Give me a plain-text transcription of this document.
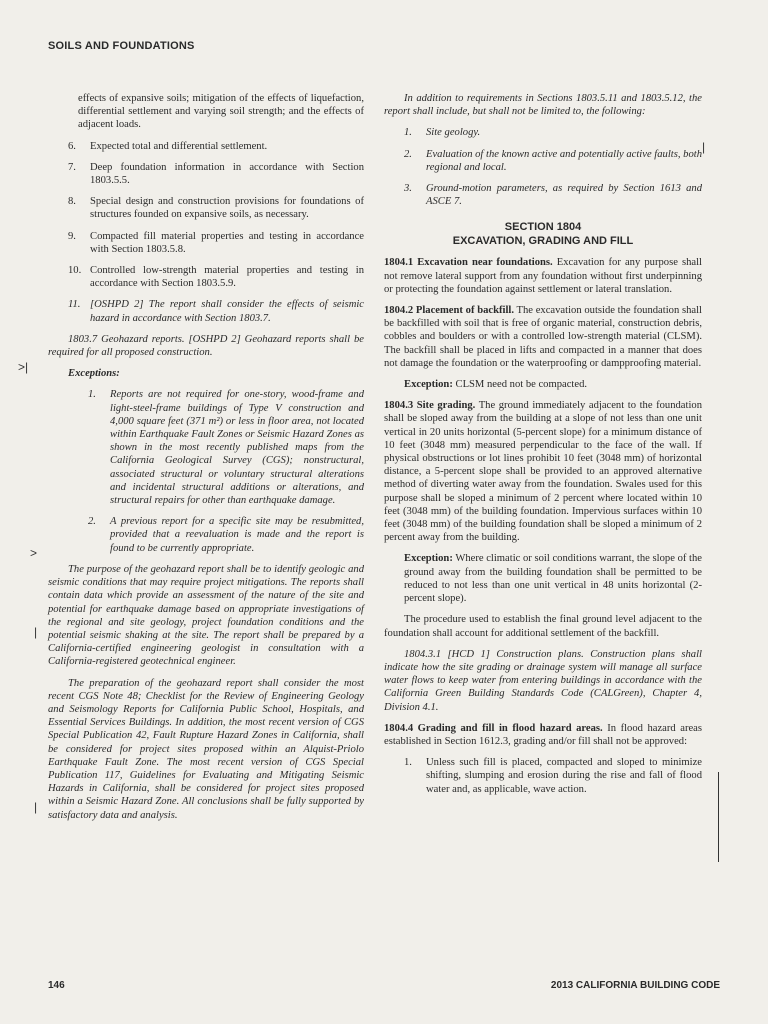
SOILS AND FOUNDATIONS

effects of expansive soils; mitigation of the effects of liquefaction, differential settlement and varying soil strength; and the effects of adjacent loads.

6.	Expected total and differential settlement.
7.	Deep foundation information in accordance with Section 1803.5.5.
8.	Special design and construction provisions for foundations of structures founded on expansive soils, as necessary.
9.	Compacted fill material properties and testing in accordance with Section 1803.5.8.
10. Controlled low-strength material properties and testing in accordance with Section 1803.5.9.
11. [OSHPD 2] The report shall consider the effects of seismic hazard in accordance with Section 1803.7.

1803.7 Geohazard reports. [OSHPD 2] Geohazard reports shall be required for all proposed construction.

Exceptions:
1.	Reports are not required for one-story, wood-frame and light-steel-frame buildings of Type V construction and 4,000 square feet (371 m²) or less in floor area, not located within Earthquake Fault Zones or Seismic Hazard Zones as shown in the most recently published maps from the California Geological Survey (CGS); nonstructural, associated structural or voluntary structural alterations and incidental structural additions or alterations, and structural repairs for other than earthquake damage.
2.	A previous report for a specific site may be resubmitted, provided that a reevaluation is made and the report is found to be currently appropriate.

The purpose of the geohazard report shall be to identify geologic and seismic conditions that may require project mitigations. The reports shall contain data which provide an assessment of the nature of the site and potential for earthquake damage based on appropriate investigations of the regional and site geology, project foundation conditions and the potential seismic shaking at the site. The report shall be prepared by a California-certified engineering geologist in consultation with a California-registered geotechnical engineer.

The preparation of the geohazard report shall consider the most recent CGS Note 48; Checklist for the Review of Engineering Geology and Seismology Reports for California Public School, Hospitals, and Essential Services Buildings. In addition, the most recent version of CGS Special Publication 42, Fault Rupture Hazard Zones in California, shall be considered for project sites proposed within an Alquist-Priolo Earthquake Fault Zone. The most recent version of CGS Special Publication 117, Guidelines for Evaluating and Mitigating Seismic Hazards in California, shall be considered for project sites proposed within a Seismic Hazard Zone. All conclusions shall be fully supported by satisfactory data and analysis.

In addition to requirements in Sections 1803.5.11 and 1803.5.12, the report shall include, but shall not be limited to, the following:

1.	Site geology.
2.	Evaluation of the known active and potentially active faults, both regional and local.
3.	Ground-motion parameters, as required by Section 1613 and ASCE 7.
SECTION 1804
EXCAVATION, GRADING AND FILL

1804.1 Excavation near foundations. Excavation for any purpose shall not remove lateral support from any foundation without first underpinning or protecting the foundation against settlement or lateral translation.

1804.2 Placement of backfill. The excavation outside the foundation shall be backfilled with soil that is free of organic material, construction debris, cobbles and boulders or with a controlled low-strength material (CLSM). The backfill shall be placed in lifts and compacted in a manner that does not damage the foundation or the waterproofing or dampproofing material.

Exception: CLSM need not be compacted.

1804.3 Site grading. The ground immediately adjacent to the foundation shall be sloped away from the building at a slope of not less than one unit vertical in 20 units horizontal (5-percent slope) for a minimum distance of 10 feet (3048 mm) measured perpendicular to the face of the wall. If physical obstructions or lot lines prohibit 10 feet (3048 mm) of horizontal distance, a 5-percent slope shall be provided to an approved alternative method of diverting water away from the foundation. Swales used for this purpose shall be sloped a minimum of 2 percent where located within 10 feet (3048 mm) of the building foundation. Impervious surfaces within 10 feet (3048 mm) of the building foundation shall be sloped a minimum of 2 percent away from the building.

Exception: Where climatic or soil conditions warrant, the slope of the ground away from the building foundation shall be permitted to be reduced to not less than one unit vertical in 48 units horizontal (2-percent slope).

The procedure used to establish the final ground level adjacent to the foundation shall account for additional settlement of the backfill.

1804.3.1 [HCD 1] Construction plans. Construction plans shall indicate how the site grading or drainage system will manage all surface water flows to keep water from entering buildings in accordance with the California Green Building Standards Code (CALGreen), Chapter 4, Division 4.1.

1804.4 Grading and fill in flood hazard areas. In flood hazard areas established in Section 1612.3, grading and/or fill shall not be approved:

1.	Unless such fill is placed, compacted and sloped to minimize shifting, slumping and erosion during the rise and fall of flood water and, as applicable, wave action.
>|
>
|
|
|
146	2013 CALIFORNIA BUILDING CODE
